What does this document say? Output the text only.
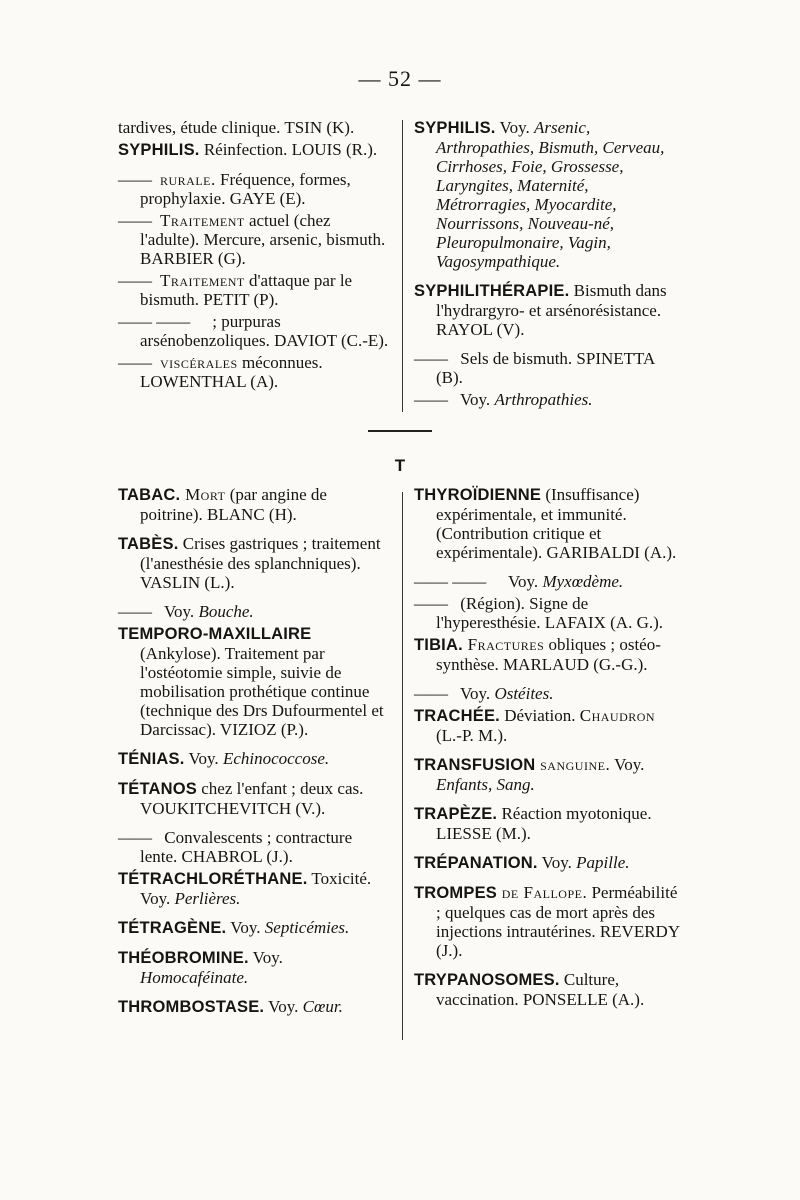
— 52 —

tardives, étude clinique. TSIN (K).

SYPHILIS. Réinfection. LOUIS (R.).

—— rurale. Fréquence, formes, prophylaxie. GAYE (E).

—— Traitement actuel (chez l'adulte). Mercure, arsenic, bismuth. BARBIER (G).

—— Traitement d'attaque par le bismuth. PETIT (P).

—— —— ; purpuras arsénobenzoliques. DAVIOT (C.-E).

—— viscérales méconnues. LOWENTHAL (A).

SYPHILIS. Voy. Arsenic, Arthropathies, Bismuth, Cerveau, Cirrhoses, Foie, Grossesse, Laryngites, Maternité, Métrorragies, Myocardite, Nourrissons, Nouveau-né, Pleuropulmonaire, Vagin, Vagosympathique.

SYPHILITHÉRAPIE. Bismuth dans l'hydrargyro- et arsénorésistance. RAYOL (V).

—— Sels de bismuth. SPINETTA (B).

—— Voy. Arthropathies.

T

TABAC. Mort (par angine de poitrine). BLANC (H).

TABÈS. Crises gastriques ; traitement (l'anesthésie des splanchniques). VASLIN (L.).

—— Voy. Bouche.

TEMPORO-MAXILLAIRE (Ankylose). Traitement par l'ostéotomie simple, suivie de mobilisation prothétique continue (technique des Drs Dufourmentel et Darcissac). VIZIOZ (P.).

TÉNIAS. Voy. Echinococcose.

TÉTANOS chez l'enfant ; deux cas. VOUKITCHEVITCH (V.).

—— Convalescents ; contracture lente. CHABROL (J.).

TÉTRACHLORÉTHANE. Toxicité. Voy. Perlières.

TÉTRAGÈNE. Voy. Septicémies.

THÉOBROMINE. Voy. Homocaféinate.

THROMBOSTASE. Voy. Cœur.

THYROÏDIENNE (Insuffisance) expérimentale, et immunité. (Contribution critique et expérimentale). GARIBALDI (A.).

—— —— Voy. Myxœdème.

—— (Région). Signe de l'hyperesthésie. LAFAIX (A. G.).

TIBIA. Fractures obliques ; ostéo-synthèse. MARLAUD (G.-G.).

—— Voy. Ostéites.

TRACHÉE. Déviation. Chaudron (L.-P. M.).

TRANSFUSION sanguine. Voy. Enfants, Sang.

TRAPÈZE. Réaction myotonique. LIESSE (M.).

TRÉPANATION. Voy. Papille.

TROMPES de Fallope. Perméabilité ; quelques cas de mort après des injections intrautérines. REVERDY (J.).

TRYPANOSOMES. Culture, vaccination. PONSELLE (A.).
